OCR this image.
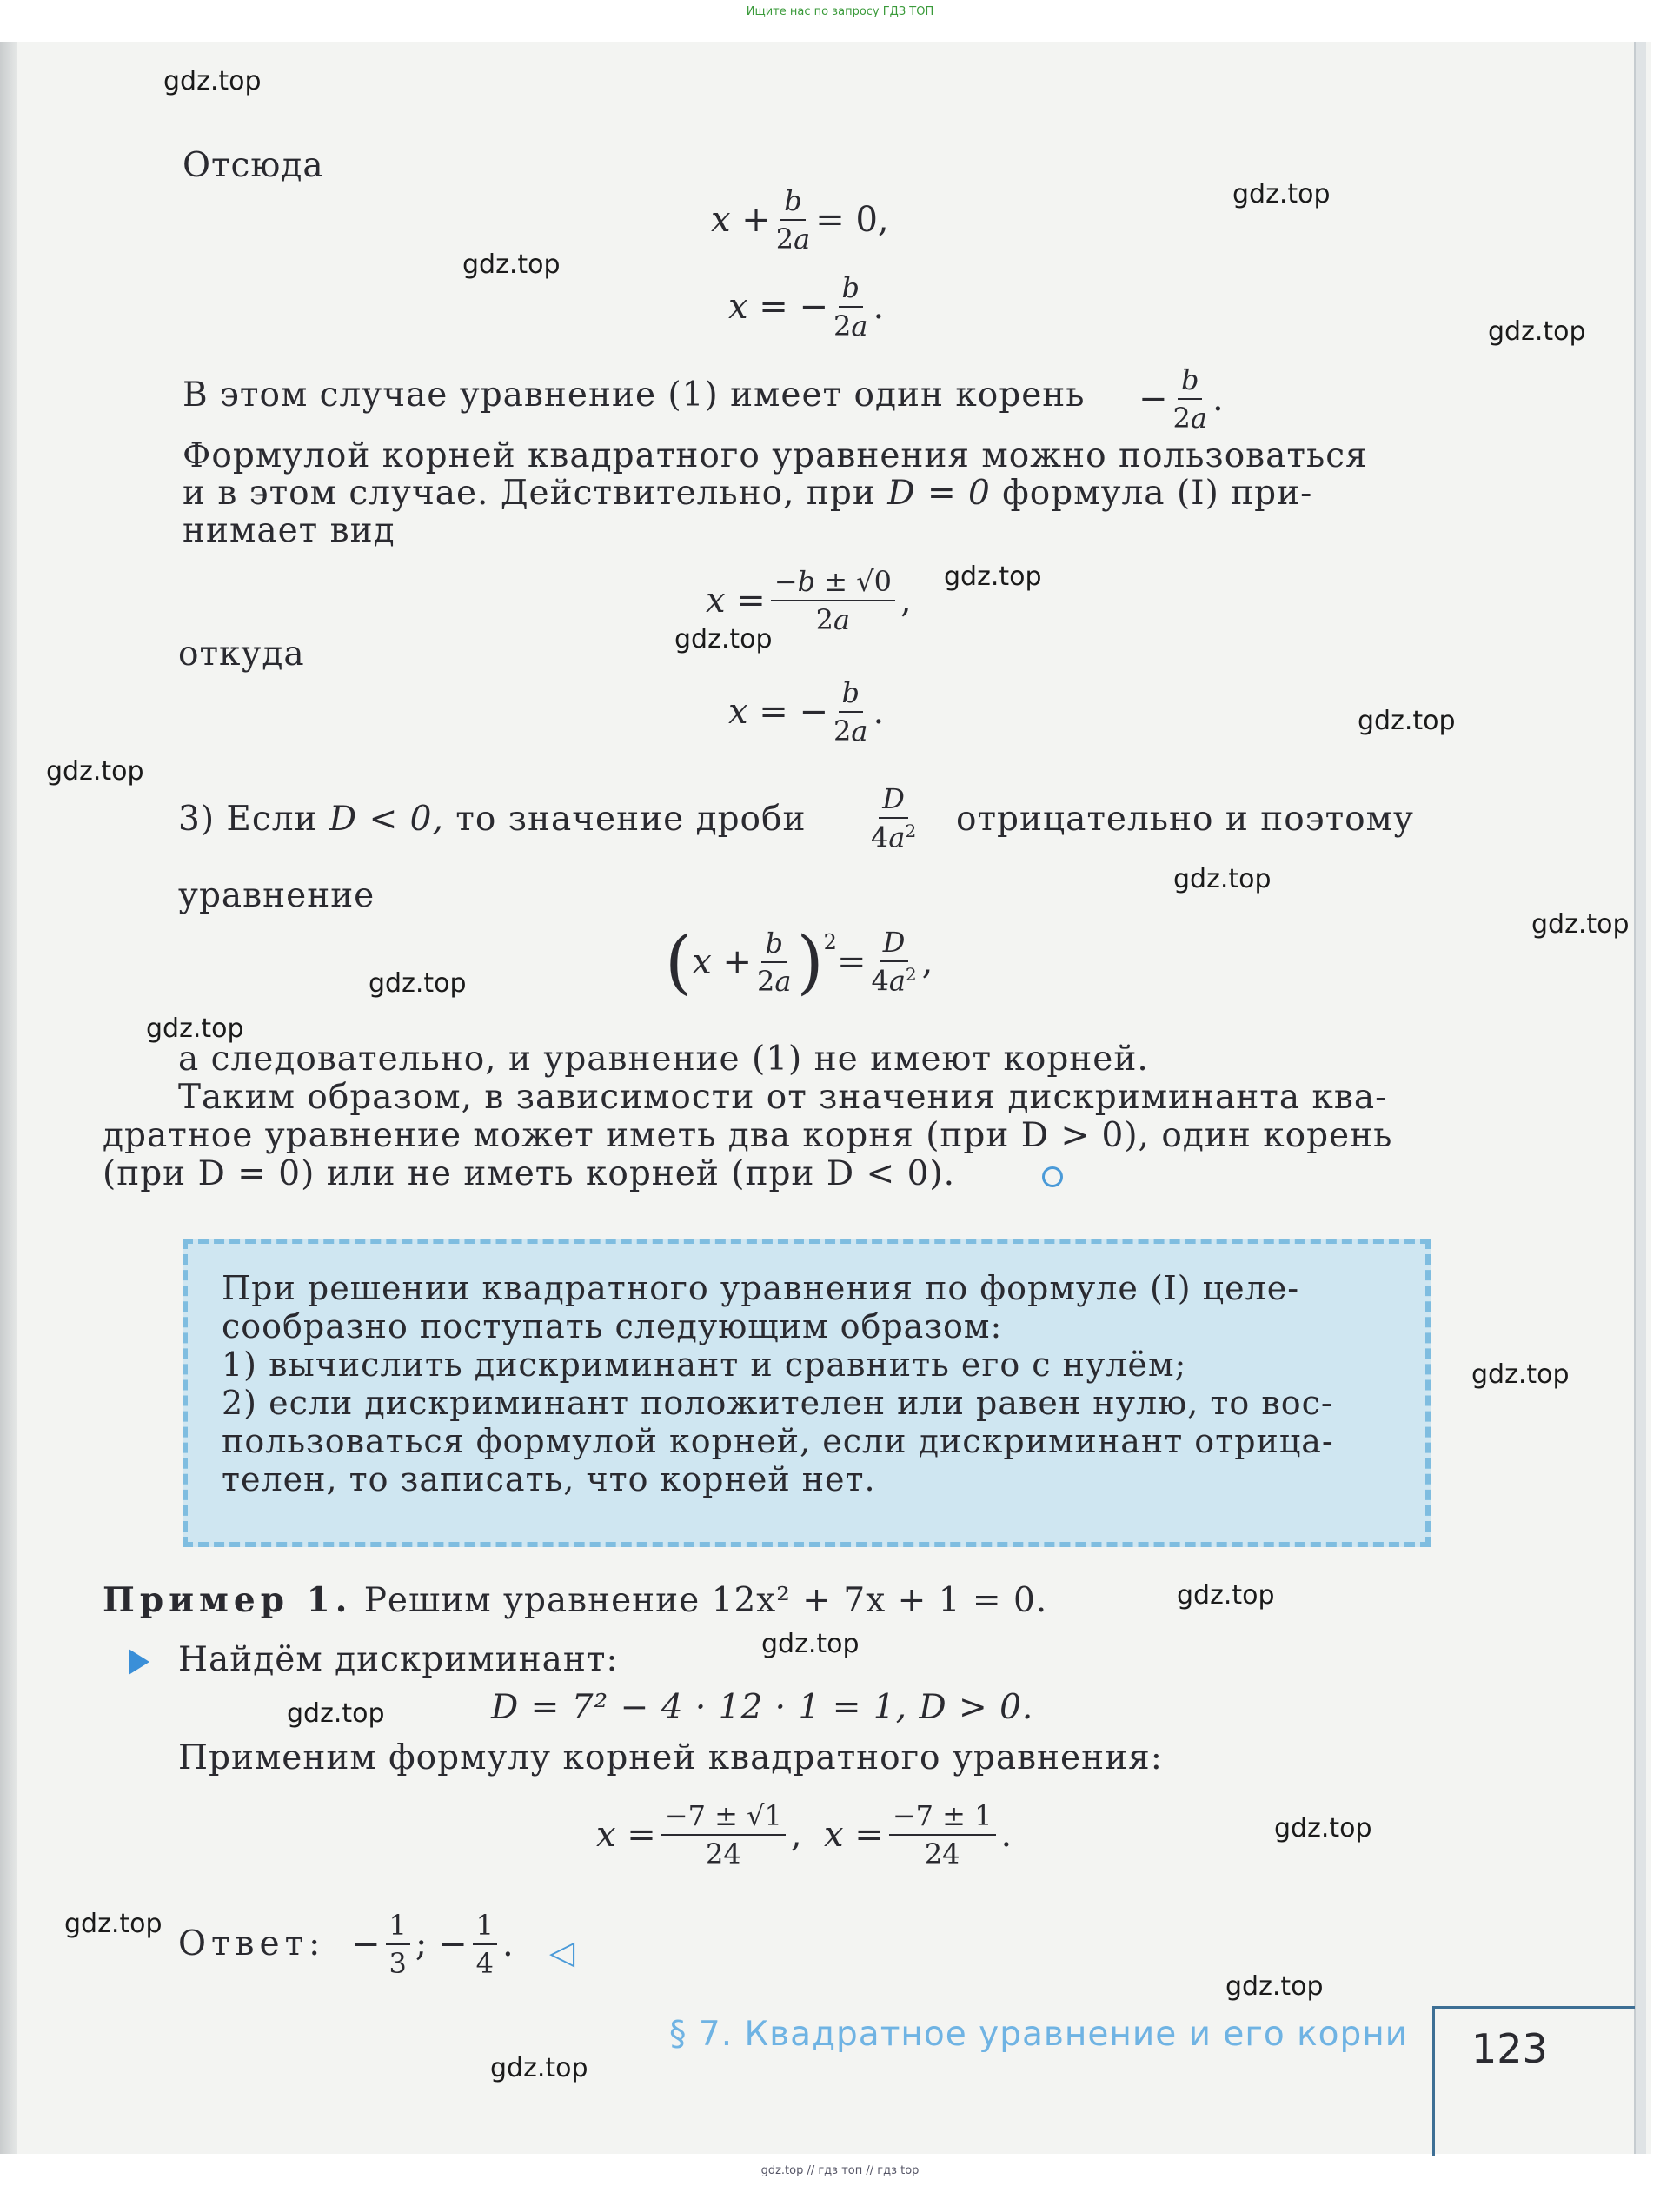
Ищите нас по запросу ГДЗ ТОП
gdz.top
gdz.top
gdz.top
gdz.top
gdz.top
gdz.top
gdz.top
gdz.top
gdz.top
gdz.top
gdz.top
gdz.top
gdz.top
gdz.top
gdz.top
gdz.top
gdz.top
gdz.top
gdz.top
gdz.top
Отсюда
$x + \frac{b}{2a} = 0$,
x = − $\frac{b}{2a}$ .
В этом случае уравнение (1) имеет один корень − $\frac{b}{2a}$ .
Формулой корней квадратного уравнения можно пользоваться
и в этом случае. Действительно, при D = 0 формула (I) при-
нимает вид
$x = \frac{-b \pm √0}{2a}$ ,
откуда
x = − $\frac{b}{2a}$ .
3) Если D < 0, то значение дроби $\frac{D}{4a^2}$ отрицательно и поэтому
уравнение
( $x + \frac{b}{2a} )^2 = \frac{D}{4a^2}$ ,
а следовательно, и уравнение (1) не имеют корней.
Таким образом, в зависимости от значения дискриминанта ква-
дратное уравнение может иметь два корня (при D > 0), один корень
(при D = 0) или не иметь корней (при D < 0).
При решении квадратного уравнения по формуле (I) целе-
сообразно поступать следующим образом:
1) вычислить дискриминант и сравнить его с нулём;
2) если дискриминант положителен или равен нулю, то вос-
пользоваться формулой корней, если дискриминант отрица-
телен, то записать, что корней нет.
Пример 1. Решим уравнение 12x² + 7x + 1 = 0.
Найдём дискриминант:
D = 7² − 4 · 12 · 1 = 1, D > 0.
Применим формулу корней квадратного уравнения:
$x = \frac{-7 \pm √1}{24}$ , $x = \frac{-7 \pm 1}{24}$ .
Ответ: − $\frac{1}{3}$ ; − $\frac{1}{4}$ . ◁
§ 7. Квадратное уравнение и его корни 123
gdz.top // гдз топ // гдз top
